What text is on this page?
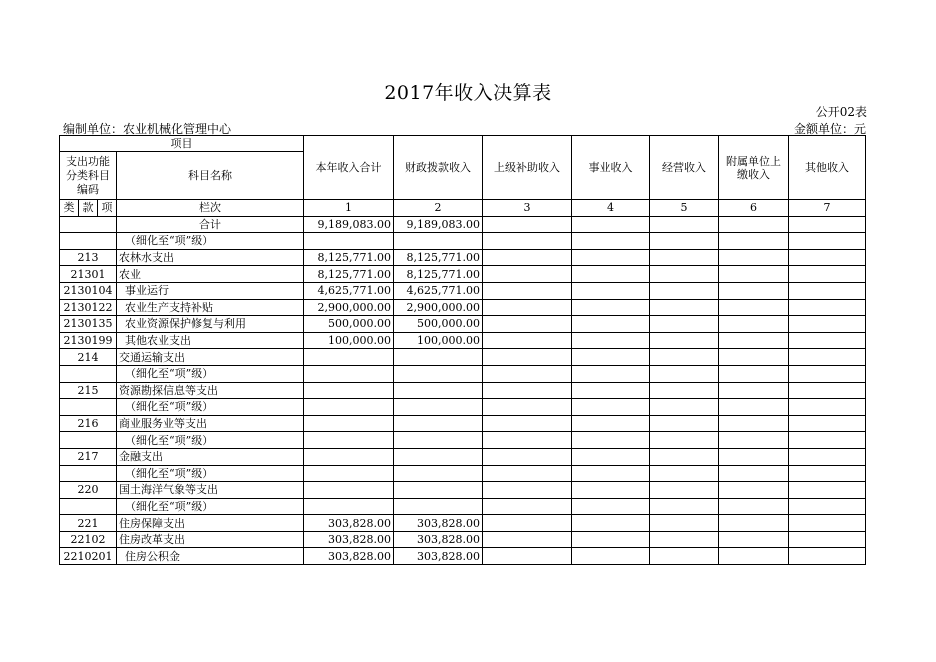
2017年收入决算表
公开02表
编制单位：农业机械化管理中心	金额单位：元
项目				本年收入合计	财政拨款收入	上级补助收入	事业收入	经营收入	附属单位上缴收入	其他收入
支出功能分类科目编码			科目名称							
类	款	项								
			栏次	1	2	3	4	5	6	7
			合计	9,189,083.00	9,189,083.00					
			（细化至“项”级）							
213			农林水支出	8,125,771.00	8,125,771.00					
21301			农业	8,125,771.00	8,125,771.00					
2130104			事业运行	4,625,771.00	4,625,771.00					
2130122			农业生产支持补贴	2,900,000.00	2,900,000.00					
2130135			农业资源保护修复与利用	500,000.00	500,000.00					
2130199			其他农业支出	100,000.00	100,000.00					
214			交通运输支出							
			（细化至“项”级）							
215			资源勘探信息等支出							
			（细化至“项”级）							
216			商业服务业等支出							
			（细化至“项”级）							
217			金融支出							
			（细化至“项”级）							
220			国土海洋气象等支出							
			（细化至“项”级）							
221			住房保障支出	303,828.00	303,828.00					
22102			住房改革支出	303,828.00	303,828.00					
2210201			住房公积金	303,828.00	303,828.00					
